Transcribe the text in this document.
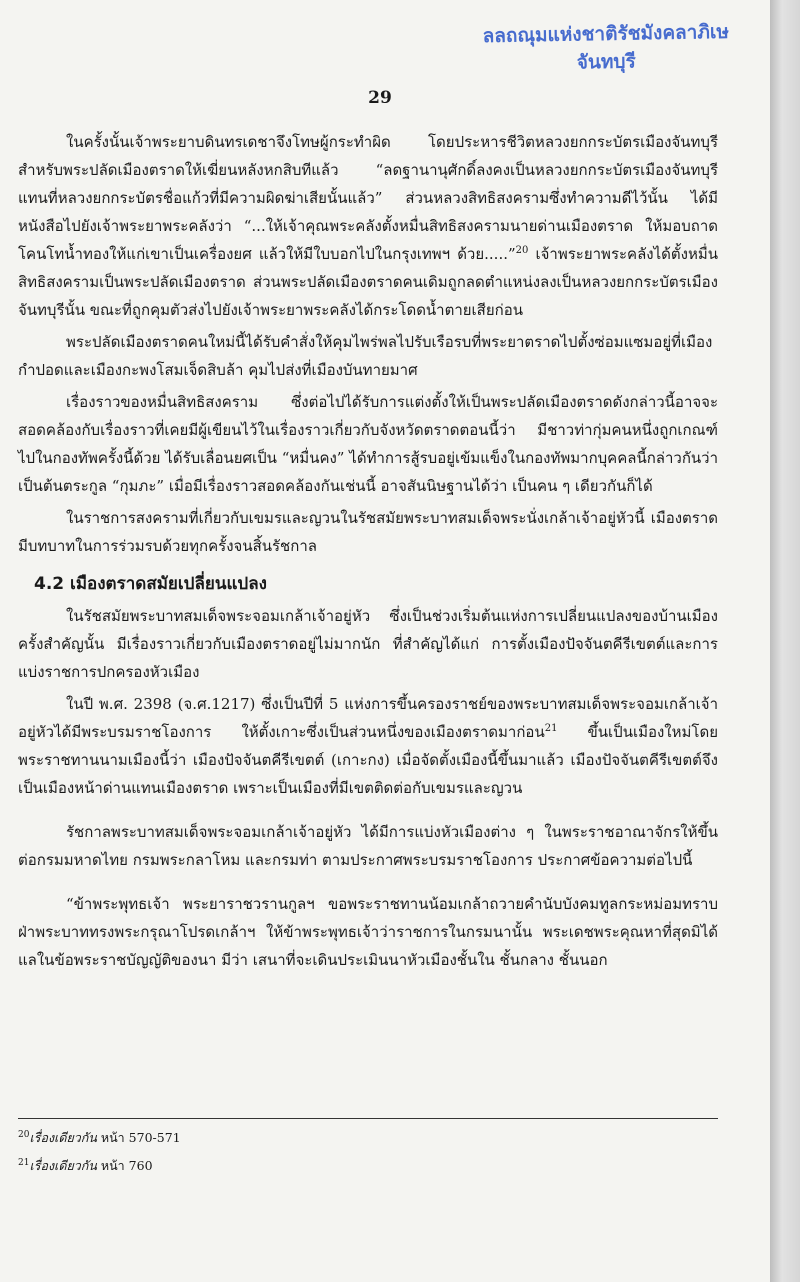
ลลถณุมแห่งชาติรัชมังคลาภิเษ
จันทบุรี
29

ในครั้งนั้นเจ้าพระยาบดินทรเดชาจึงโทษผู้กระทำผิด โดยประหารชีวิตหลวงยกกระบัตรเมืองจันทบุรีสำหรับพระปลัดเมืองตราดให้เฆี่ยนหลังหกสิบทีแล้ว “ลดฐานานุศักดิ์ลงคงเป็นหลวงยกกระบัตรเมืองจันทบุรีแทนที่หลวงยกกระบัตรชื่อแก้วที่มีความผิดฆ่าเสียนั้นแล้ว” ส่วนหลวงสิทธิสงครามซึ่งทำความดีไว้นั้น ได้มีหนังสือไปยังเจ้าพระยาพระคลังว่า “...ให้เจ้าคุณพระคลังตั้งหมื่นสิทธิสงครามนายด่านเมืองตราด ให้มอบถาดโคนโทน้ำทองให้แก่เขาเป็นเครื่องยศ แล้วให้มีใบบอกไปในกรุงเทพฯ ด้วย.....”$^{20}$ เจ้าพระยาพระคลังได้ตั้งหมื่นสิทธิสงครามเป็นพระปลัดเมืองตราด ส่วนพระปลัดเมืองตราดคนเดิมถูกลดตำแหน่งลงเป็นหลวงยกกระบัตรเมืองจันทบุรีนั้น ขณะที่ถูกคุมตัวส่งไปยังเจ้าพระยาพระคลังได้กระโดดน้ำตายเสียก่อน

พระปลัดเมืองตราดคนใหม่นี้ได้รับคำสั่งให้คุมไพร่พลไปรับเรือรบที่พระยาตราดไปตั้งซ่อมแซมอยู่ที่เมืองกำปอดและเมืองกะพงโสมเจ็ดสิบล้า คุมไปส่งที่เมืองบันทายมาศ

เรื่องราวของหมื่นสิทธิสงคราม ซึ่งต่อไปได้รับการแต่งตั้งให้เป็นพระปลัดเมืองตราดดังกล่าวนี้อาจจะสอดคล้องกับเรื่องราวที่เคยมีผู้เขียนไว้ในเรื่องราวเกี่ยวกับจังหวัดตราดตอนนี้ว่า มีชาวท่ากุ่มคนหนึ่งถูกเกณฑ์ ไปในกองทัพครั้งนี้ด้วย ได้รับเลื่อนยศเป็น “หมื่นคง” ได้ทำการสู้รบอยู่เข้มแข็งในกองทัพมากบุคคลนี้กล่าวกันว่าเป็นต้นตระกูล “กุมภะ” เมื่อมีเรื่องราวสอดคล้องกันเช่นนี้ อาจสันนิษฐานได้ว่า เป็นคน ๆ เดียวกันก็ได้

ในราชการสงครามที่เกี่ยวกับเขมรและญวนในรัชสมัยพระบาทสมเด็จพระนั่งเกล้าเจ้าอยู่หัวนี้ เมืองตราดมีบทบาทในการร่วมรบด้วยทุกครั้งจนสิ้นรัชกาล

4.2 เมืองตราดสมัยเปลี่ยนแปลง

ในรัชสมัยพระบาทสมเด็จพระจอมเกล้าเจ้าอยู่หัว ซึ่งเป็นช่วงเริ่มต้นแห่งการเปลี่ยนแปลงของบ้านเมืองครั้งสำคัญนั้น มีเรื่องราวเกี่ยวกับเมืองตราดอยู่ไม่มากนัก ที่สำคัญได้แก่ การตั้งเมืองปัจจันตคีรีเขตต์และการแบ่งราชการปกครองหัวเมือง

ในปี พ.ศ. 2398 (จ.ศ.1217) ซึ่งเป็นปีที่ 5 แห่งการขึ้นครองราชย์ของพระบาทสมเด็จพระจอมเกล้าเจ้าอยู่หัวได้มีพระบรมราชโองการ ให้ตั้งเกาะซึ่งเป็นส่วนหนึ่งของเมืองตราดมาก่อน$^{21}$ ขึ้นเป็นเมืองใหม่โดยพระราชทานนามเมืองนี้ว่า เมืองปัจจันตคีรีเขตต์ (เกาะกง) เมื่อจัดตั้งเมืองนี้ขึ้นมาแล้ว เมืองปัจจันตคีรีเขตต์จึงเป็นเมืองหน้าด่านแทนเมืองตราด เพราะเป็นเมืองที่มีเขตติดต่อกับเขมรและญวน

รัชกาลพระบาทสมเด็จพระจอมเกล้าเจ้าอยู่หัว ได้มีการแบ่งหัวเมืองต่าง ๆ ในพระราชอาณาจักรให้ขึ้นต่อกรมมหาดไทย กรมพระกลาโหม และกรมท่า ตามประกาศพระบรมราชโองการ ประกาศข้อความต่อไปนี้

“ข้าพระพุทธเจ้า พระยาราชวรานกูลฯ ขอพระราชทานน้อมเกล้าถวายคำนับบังคมทูลกระหม่อมทราบ ฝ่าพระบาททรงพระกรุณาโปรดเกล้าฯ ให้ข้าพระพุทธเจ้าว่าราชการในกรมนานั้น พระเดชพระคุณหาที่สุดมิได้ แลในข้อพระราชบัญญัติของนา มีว่า เสนาที่จะเดินประเมินนาหัวเมืองชั้นใน ชั้นกลาง ชั้นนอก

$^{20}$เรื่องเดียวกัน หน้า 570-571
$^{21}$เรื่องเดียวกัน หน้า 760
